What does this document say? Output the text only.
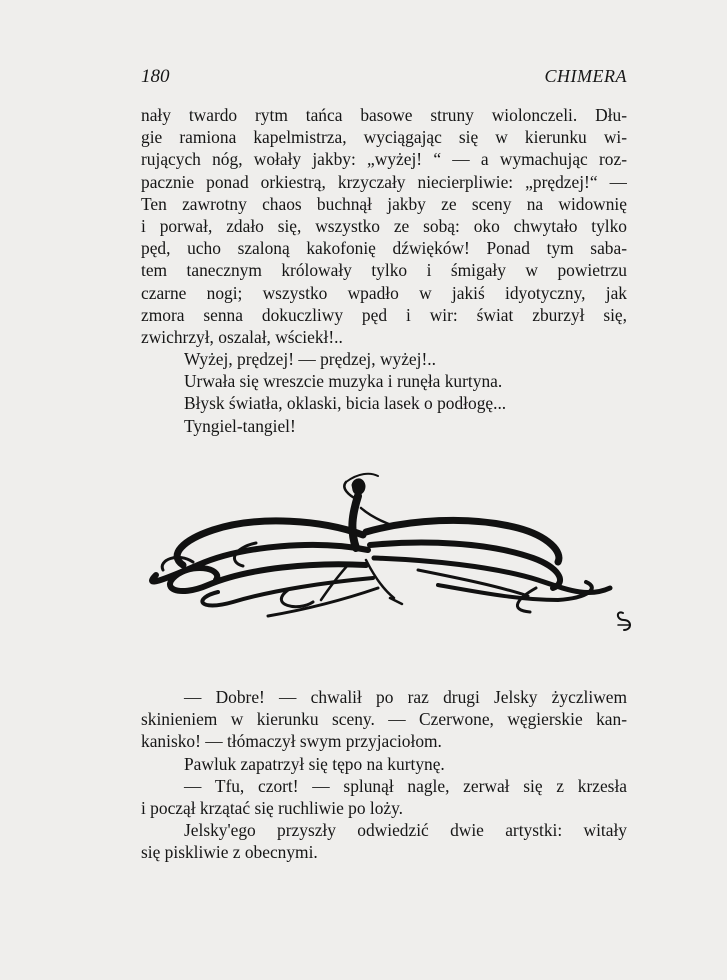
180	CHIMERA
nały twardo rytm tańca basowe struny wiolonczeli. Dłu-
gie ramiona kapelmistrza, wyciągając się w kierunku wi-
rujących nóg, wołały jakby: „wyżej! “ — a wymachując roz-
pacznie ponad orkiestrą, krzyczały niecierpliwie: „prędzej!“ —
Ten zawrotny chaos buchnął jakby ze sceny na widownię
i porwał, zdało się, wszystko ze sobą: oko chwytało tylko
pęd, ucho szaloną kakofonię dźwięków! Ponad tym saba-
tem tanecznym królowały tylko i śmigały w powietrzu
czarne nogi; wszystko wpadło w jakiś idyotyczny, jak
zmora senna dokuczliwy pęd i wir: świat zburzył się,
zwichrzył, oszalał, wściekł!..
Wyżej, prędzej! — prędzej, wyżej!..
Urwała się wreszcie muzyka i runęła kurtyna.
Błysk światła, oklaski, bicia lasek o podłogę...
Tyngiel-tangiel!
— Dobre! — chwalił po raz drugi Jelsky życzliwem
skinieniem w kierunku sceny. — Czerwone, węgierskie kan-
kanisko! — tłómaczył swym przyjaciołom.
Pawluk zapatrzył się tępo na kurtynę.
— Tfu, czort! — splunął nagle, zerwał się z krzesła
i począł krzątać się ruchliwie po loży.
Jelsky'ego przyszły odwiedzić dwie artystki: witały
się piskliwie z obecnymi.
